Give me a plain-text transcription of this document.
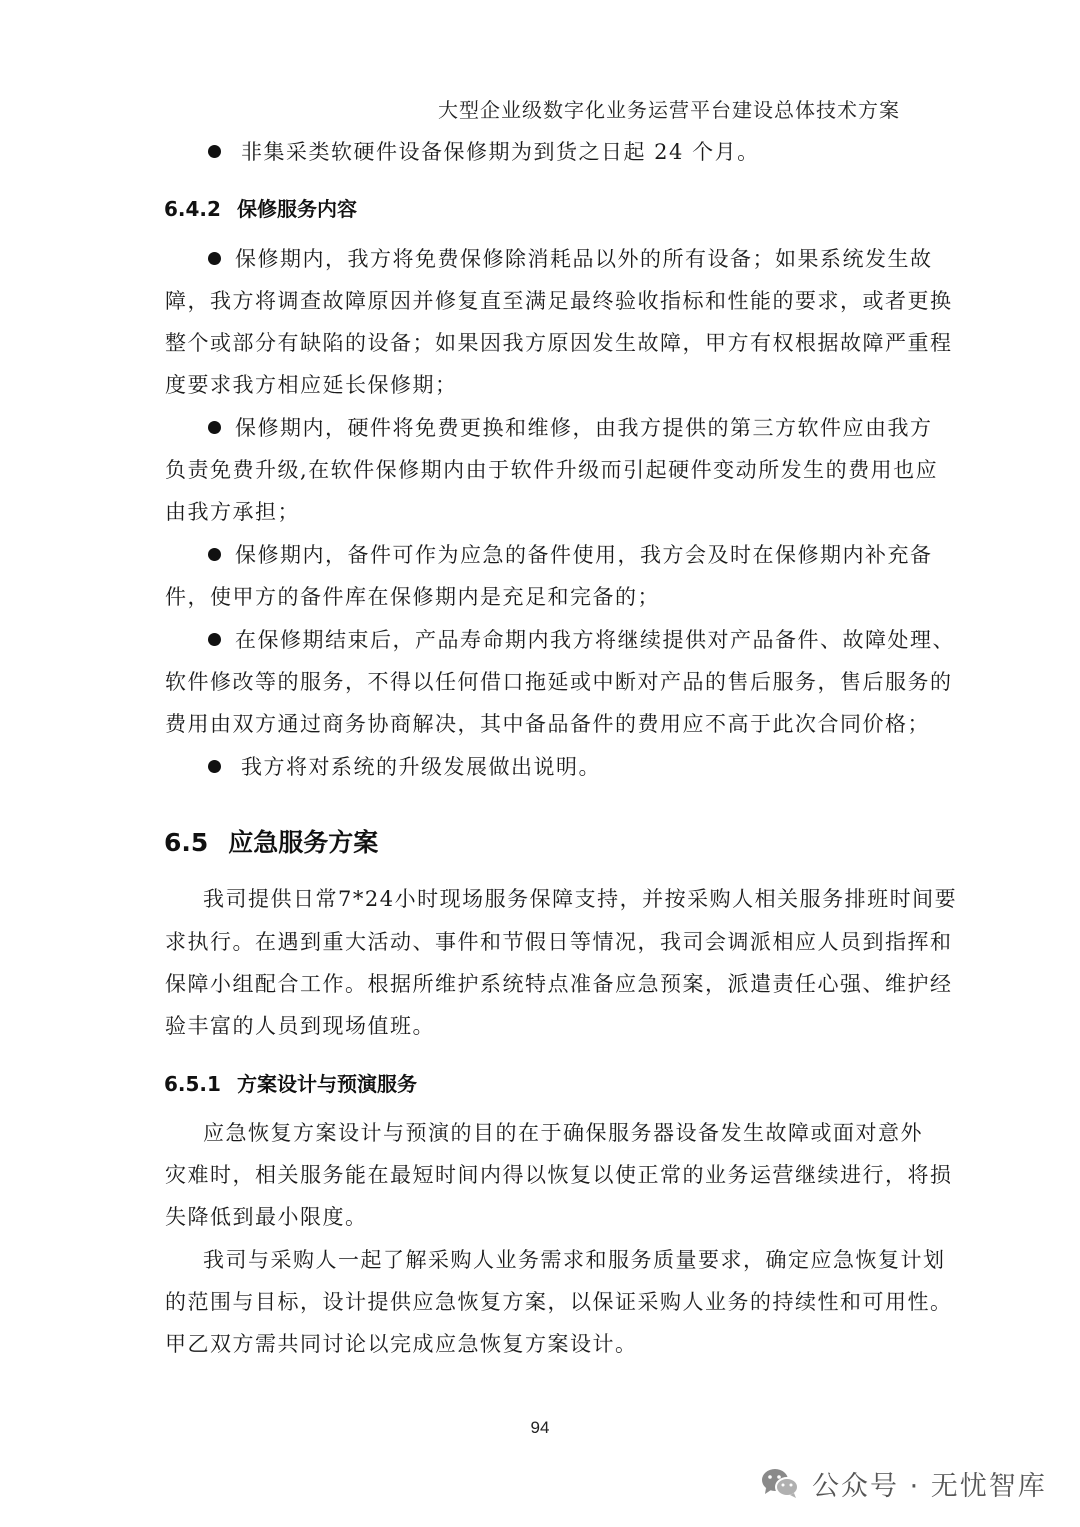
大型企业级数字化业务运营平台建设总体技术方案
非集采类软硬件设备保修期为到货之日起 24 个月。
6.4.2 保修服务内容
保修期内，我方将免费保修除消耗品以外的所有设备；如果系统发生故
障，我方将调查故障原因并修复直至满足最终验收指标和性能的要求，或者更换
整个或部分有缺陷的设备；如果因我方原因发生故障，甲方有权根据故障严重程
度要求我方相应延长保修期；
保修期内，硬件将免费更换和维修，由我方提供的第三方软件应由我方
负责免费升级,在软件保修期内由于软件升级而引起硬件变动所发生的费用也应
由我方承担；
保修期内，备件可作为应急的备件使用，我方会及时在保修期内补充备
件，使甲方的备件库在保修期内是充足和完备的；
在保修期结束后，产品寿命期内我方将继续提供对产品备件、故障处理、
软件修改等的服务，不得以任何借口拖延或中断对产品的售后服务，售后服务的
费用由双方通过商务协商解决，其中备品备件的费用应不高于此次合同价格；
我方将对系统的升级发展做出说明。
6.5 应急服务方案
我司提供日常7*24小时现场服务保障支持，并按采购人相关服务排班时间要
求执行。在遇到重大活动、事件和节假日等情况，我司会调派相应人员到指挥和
保障小组配合工作。根据所维护系统特点准备应急预案，派遣责任心强、维护经
验丰富的人员到现场值班。
6.5.1 方案设计与预演服务
应急恢复方案设计与预演的目的在于确保服务器设备发生故障或面对意外
灾难时，相关服务能在最短时间内得以恢复以使正常的业务运营继续进行，将损
失降低到最小限度。
我司与采购人一起了解采购人业务需求和服务质量要求，确定应急恢复计划
的范围与目标，设计提供应急恢复方案，以保证采购人业务的持续性和可用性。
甲乙双方需共同讨论以完成应急恢复方案设计。
94
公众号 · 无忧智库
